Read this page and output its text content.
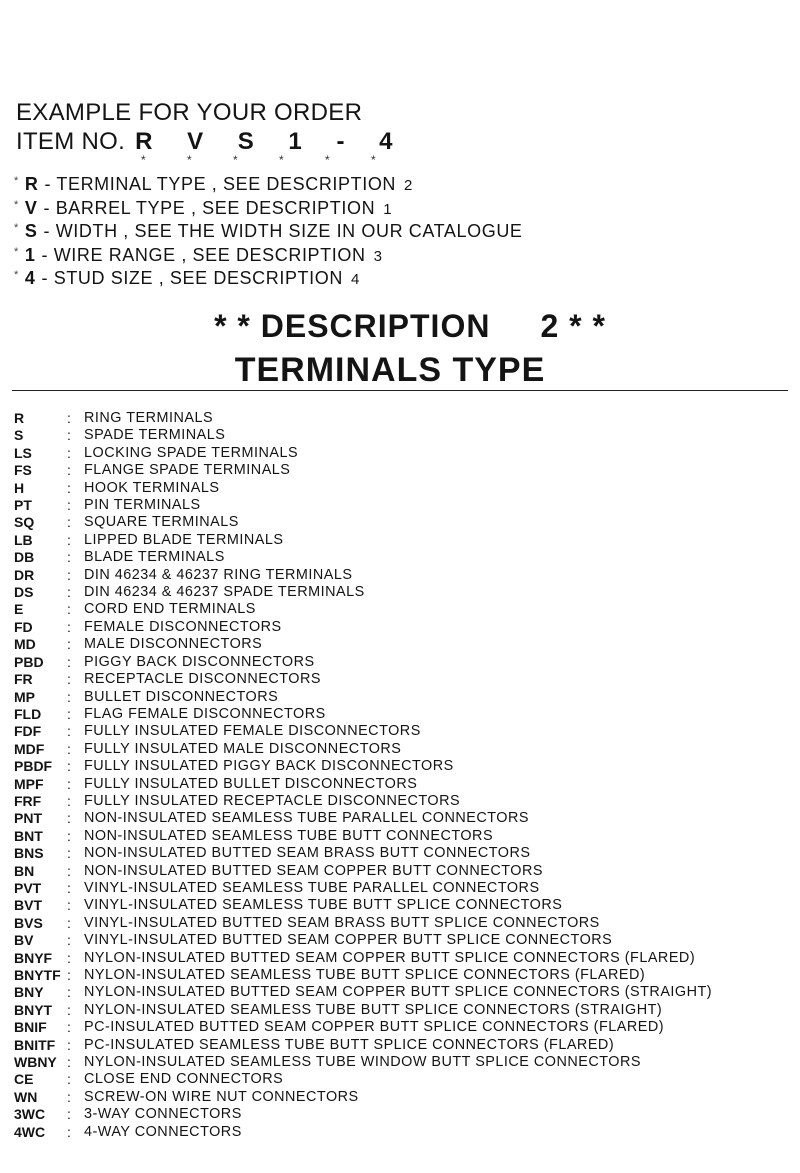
EXAMPLE FOR YOUR ORDER
ITEM NO. R V S 1 - 4
* * * * * *
* R - TERMINAL TYPE , SEE DESCRIPTION 2
* V - BARREL TYPE , SEE DESCRIPTION 1
* S - WIDTH , SEE THE WIDTH SIZE IN OUR CATALOGUE
* 1 - WIRE RANGE , SEE DESCRIPTION 3
* 4 - STUD SIZE , SEE DESCRIPTION 4
* * DESCRIPTION 2 * *
TERMINALS TYPE
R	: RING TERMINALS
S	: SPADE TERMINALS
LS	: LOCKING SPADE TERMINALS
FS	: FLANGE SPADE TERMINALS
H	: HOOK TERMINALS
PT	: PIN TERMINALS
SQ	: SQUARE TERMINALS
LB	: LIPPED BLADE TERMINALS
DB	: BLADE TERMINALS
DR	: DIN 46234 & 46237 RING TERMINALS
DS	: DIN 46234 & 46237 SPADE TERMINALS
E	: CORD END TERMINALS
FD	: FEMALE DISCONNECTORS
MD	: MALE DISCONNECTORS
PBD	: PIGGY BACK DISCONNECTORS
FR	: RECEPTACLE DISCONNECTORS
MP	: BULLET DISCONNECTORS
FLD	: FLAG FEMALE DISCONNECTORS
FDF	: FULLY INSULATED FEMALE DISCONNECTORS
MDF	: FULLY INSULATED MALE DISCONNECTORS
PBDF	: FULLY INSULATED PIGGY BACK DISCONNECTORS
MPF	: FULLY INSULATED BULLET DISCONNECTORS
FRF	: FULLY INSULATED RECEPTACLE DISCONNECTORS
PNT	: NON-INSULATED SEAMLESS TUBE PARALLEL CONNECTORS
BNT	: NON-INSULATED SEAMLESS TUBE BUTT CONNECTORS
BNS	: NON-INSULATED BUTTED SEAM BRASS BUTT CONNECTORS
BN	: NON-INSULATED BUTTED SEAM COPPER BUTT CONNECTORS
PVT	: VINYL-INSULATED SEAMLESS TUBE PARALLEL CONNECTORS
BVT	: VINYL-INSULATED SEAMLESS TUBE BUTT SPLICE CONNECTORS
BVS	: VINYL-INSULATED BUTTED SEAM BRASS BUTT SPLICE CONNECTORS
BV	: VINYL-INSULATED BUTTED SEAM COPPER BUTT SPLICE CONNECTORS
BNYF	: NYLON-INSULATED BUTTED SEAM COPPER BUTT SPLICE CONNECTORS (FLARED)
BNYTF : NYLON-INSULATED SEAMLESS TUBE BUTT SPLICE CONNECTORS (FLARED)
BNY	: NYLON-INSULATED BUTTED SEAM COPPER BUTT SPLICE CONNECTORS (STRAIGHT)
BNYT	: NYLON-INSULATED SEAMLESS TUBE BUTT SPLICE CONNECTORS (STRAIGHT)
BNIF	: PC-INSULATED BUTTED SEAM COPPER BUTT SPLICE CONNECTORS (FLARED)
BNITF : PC-INSULATED SEAMLESS TUBE BUTT SPLICE CONNECTORS (FLARED)
WBNY : NYLON-INSULATED SEAMLESS TUBE WINDOW BUTT SPLICE CONNECTORS
CE	: CLOSE END CONNECTORS
WN	: SCREW-ON WIRE NUT CONNECTORS
3WC	: 3-WAY CONNECTORS
4WC	: 4-WAY CONNECTORS
